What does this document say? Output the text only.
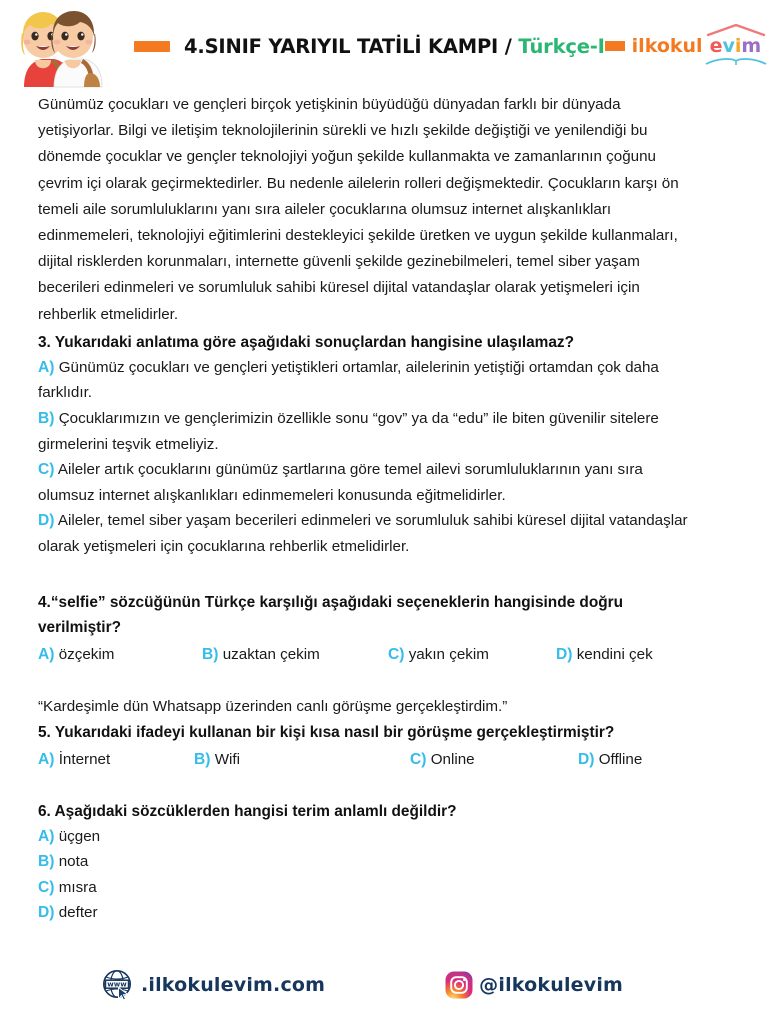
4.SINIF YARIYIL TATİLİ KAMPI / Türkçe-I ilkokul evim

Günümüz çocukları ve gençleri birçok yetişkinin büyüdüğü dünyadan farklı bir dünyada yetişiyorlar. Bilgi ve iletişim teknolojilerinin sürekli ve hızlı şekilde değiştiği ve yenilendiği bu dönemde çocuklar ve gençler teknolojiyi yoğun şekilde kullanmakta ve zamanlarının çoğunu çevrim içi olarak geçirmektedirler. Bu nedenle ailelerin rolleri değişmektedir. Çocukların karşı ön temeli aile sorumluluklarını yanı sıra aileler çocuklarına olumsuz internet alışkanlıkları edinmemeleri, teknolojiyi eğitimlerini destekleyici şekilde üretken ve uygun şekilde kullanmaları, dijital risklerden korunmaları, internette güvenli şekilde gezinebilmeleri, temel siber yaşam becerileri edinmeleri ve sorumluluk sahibi küresel dijital vatandaşlar olarak yetişmeleri için rehberlik etmelidirler.

3. Yukarıdaki anlatıma göre aşağıdaki sonuçlardan hangisine ulaşılamaz?

A) Günümüz çocukları ve gençleri yetiştikleri ortamlar, ailelerinin yetiştiği ortamdan çok daha farklıdır.
B) Çocuklarımızın ve gençlerimizin özellikle sonu “gov” ya da “edu” ile biten güvenilir sitelere girmelerini teşvik etmeliyiz.
C) Aileler artık çocuklarını günümüz şartlarına göre temel ailevi sorumluluklarının yanı sıra olumsuz internet alışkanlıkları edinmemeleri konusunda eğitmelidirler.
D) Aileler, temel siber yaşam becerileri edinmeleri ve sorumluluk sahibi küresel dijital vatandaşlar olarak yetişmeleri için çocuklarına rehberlik etmelidirler.

4.“selfie” sözcüğünün Türkçe karşılığı aşağıdaki seçeneklerin hangisinde doğru verilmiştir?

A) özçekim	B) uzaktan çekim	C) yakın çekim	D) kendini çek

“Kardeşimle dün Whatsapp üzerinden canlı görüşme gerçekleştirdim.”

5. Yukarıdaki ifadeyi kullanan bir kişi kısa nasıl bir görüşme gerçekleştirmiştir?

A) İnternet	B) Wifi	C) Online	D) Offline

6. Aşağıdaki sözcüklerden hangisi terim anlamlı değildir?

A) üçgen
B) nota
C) mısra
D) defter
www .ilkokulevim.com	@ilkokulevim
